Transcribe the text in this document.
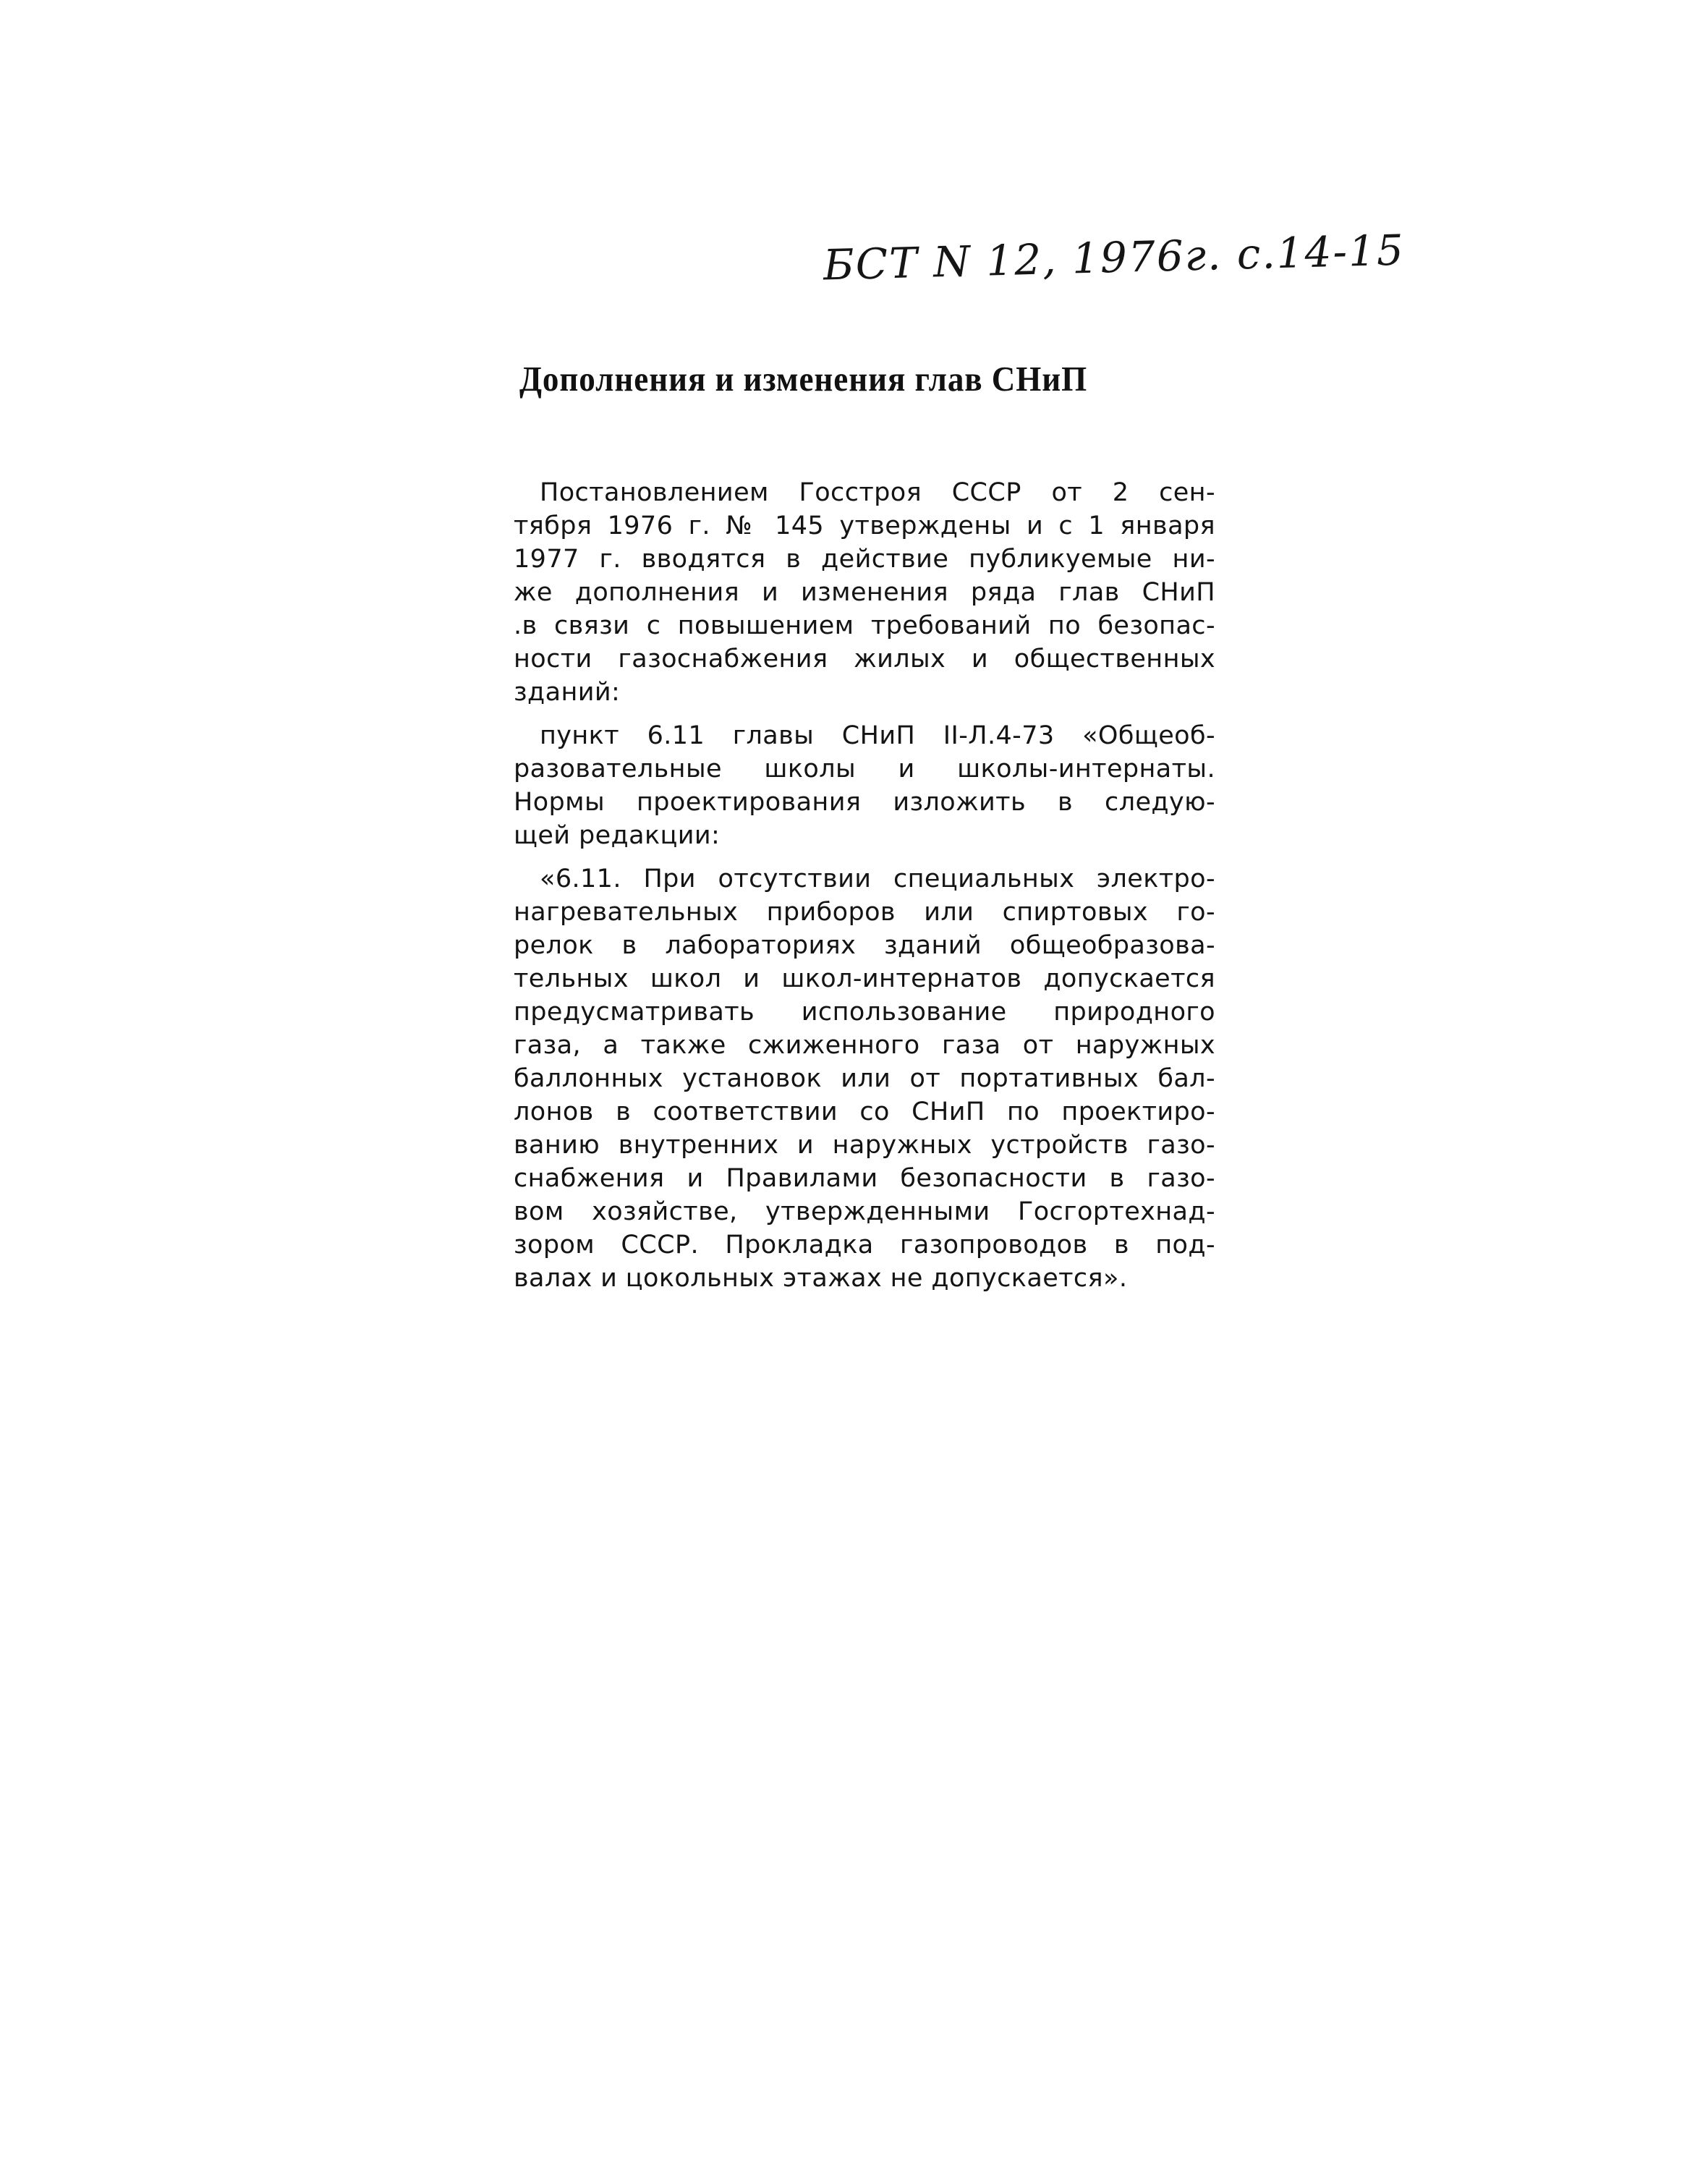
БСТ N 12, 1976г. с.14-15
Дополнения и изменения глав СНиП
Постановлением Госстроя СССР от 2 сен-
тября 1976 г. № 145 утверждены и с 1 января
1977 г. вводятся в действие публикуемые ни-
же дополнения и изменения ряда глав СНиП
.в связи с повышением требований по безопас-
ности газоснабжения жилых и общественных
зданий:
пункт 6.11 главы СНиП II-Л.4-73 «Общеоб-
разовательные школы и школы-интернаты.
Нормы проектирования изложить в следую-
щей редакции:
«6.11. При отсутствии специальных электро-
нагревательных приборов или спиртовых го-
релок в лабораториях зданий общеобразова-
тельных школ и школ-интернатов допускается
предусматривать использование природного
газа, а также сжиженного газа от наружных
баллонных установок или от портативных бал-
лонов в соответствии со СНиП по проектиро-
ванию внутренних и наружных устройств газо-
снабжения и Правилами безопасности в газо-
вом хозяйстве, утвержденными Госгортехнад-
зором СССР. Прокладка газопроводов в под-
валах и цокольных этажах не допускается».
